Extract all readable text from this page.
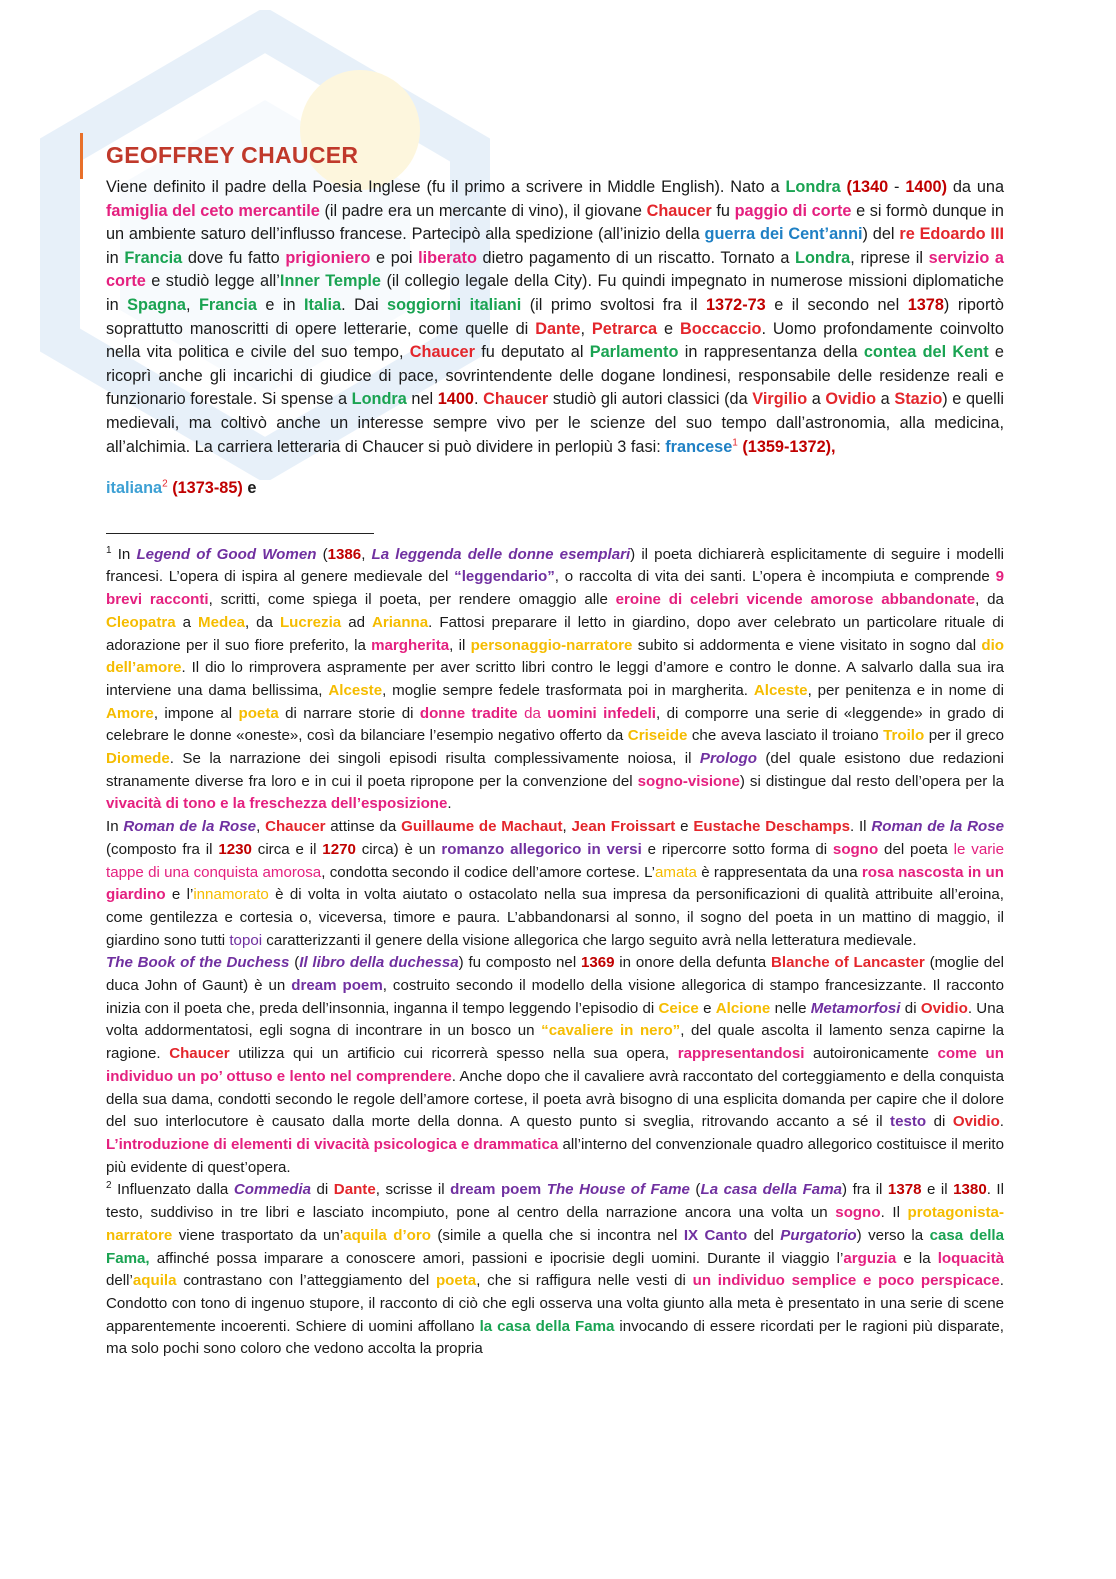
GEOFFREY CHAUCER

Viene definito il padre della Poesia Inglese (fu il primo a scrivere in Middle English). Nato a Londra (1340 - 1400) da una famiglia del ceto mercantile (il padre era un mercante di vino), il giovane Chaucer fu paggio di corte e si formò dunque in un ambiente saturo dell’influsso francese. Partecipò alla spedizione (all’inizio della guerra dei Cent’anni) del re Edoardo III in Francia dove fu fatto prigioniero e poi liberato dietro pagamento di un riscatto. Tornato a Londra, riprese il servizio a corte e studiò legge all’Inner Temple (il collegio legale della City). Fu quindi impegnato in numerose missioni diplomatiche in Spagna, Francia e in Italia. Dai soggiorni italiani (il primo svoltosi fra il 1372-73 e il secondo nel 1378) riportò soprattutto manoscritti di opere letterarie, come quelle di Dante, Petrarca e Boccaccio. Uomo profondamente coinvolto nella vita politica e civile del suo tempo, Chaucer fu deputato al Parlamento in rappresentanza della contea del Kent e ricoprì anche gli incarichi di giudice di pace, sovrintendente delle dogane londinesi, responsabile delle residenze reali e funzionario forestale. Si spense a Londra nel 1400. Chaucer studiò gli autori classici (da Virgilio a Ovidio a Stazio) e quelli medievali, ma coltivò anche un interesse sempre vivo per le scienze del suo tempo dall’astronomia, alla medicina, all’alchimia. La carriera letteraria di Chaucer si può dividere in perlopiù 3 fasi: francese$^1$ (1359-1372),

italiana$^2$ (1373-85) e

$^1$ In Legend of Good Women (1386, La leggenda delle donne esemplari) il poeta dichiarerà esplicitamente di seguire i modelli francesi. L’opera di ispira al genere medievale del “leggendario”, o raccolta di vita dei santi. L’opera è incompiuta e comprende 9 brevi racconti, scritti, come spiega il poeta, per rendere omaggio alle eroine di celebri vicende amorose abbandonate, da Cleopatra a Medea, da Lucrezia ad Arianna. Fattosi preparare il letto in giardino, dopo aver celebrato un particolare rituale di adorazione per il suo fiore preferito, la margherita, il personaggio-narratore subito si addormenta e viene visitato in sogno dal dio dell’amore. Il dio lo rimprovera aspramente per aver scritto libri contro le leggi d’amore e contro le donne. A salvarlo dalla sua ira interviene una dama bellissima, Alceste, moglie sempre fedele trasformata poi in margherita. Alceste, per penitenza e in nome di Amore, impone al poeta di narrare storie di donne tradite da uomini infedeli, di comporre una serie di «leggende» in grado di celebrare le donne «oneste», così da bilanciare l’esempio negativo offerto da Criseide che aveva lasciato il troiano Troilo per il greco Diomede. Se la narrazione dei singoli episodi risulta complessivamente noiosa, il Prologo (del quale esistono due redazioni stranamente diverse fra loro e in cui il poeta ripropone per la convenzione del sogno-visione) si distingue dal resto dell’opera per la vivacità di tono e la freschezza dell’esposizione.

In Roman de la Rose, Chaucer attinse da Guillaume de Machaut, Jean Froissart e Eustache Deschamps. Il Roman de la Rose (composto fra il 1230 circa e il 1270 circa) è un romanzo allegorico in versi e ripercorre sotto forma di sogno del poeta le varie tappe di una conquista amorosa, condotta secondo il codice dell’amore cortese. L’amata è rappresentata da una rosa nascosta in un giardino e l’innamorato è di volta in volta aiutato o ostacolato nella sua impresa da personificazioni di qualità attribuite all’eroina, come gentilezza e cortesia o, viceversa, timore e paura. L’abbandonarsi al sonno, il sogno del poeta in un mattino di maggio, il giardino sono tutti topoi caratterizzanti il genere della visione allegorica che largo seguito avrà nella letteratura medievale.

The Book of the Duchess (Il libro della duchessa) fu composto nel 1369 in onore della defunta Blanche of Lancaster (moglie del duca John of Gaunt) è un dream poem, costruito secondo il modello della visione allegorica di stampo francesizzante. Il racconto inizia con il poeta che, preda dell’insonnia, inganna il tempo leggendo l’episodio di Ceice e Alcione nelle Metamorfosi di Ovidio. Una volta addormentatosi, egli sogna di incontrare in un bosco un “cavaliere in nero”, del quale ascolta il lamento senza capirne la ragione. Chaucer utilizza qui un artificio cui ricorrerà spesso nella sua opera, rappresentandosi autoironicamente come un individuo un po’ ottuso e lento nel comprendere. Anche dopo che il cavaliere avrà raccontato del corteggiamento e della conquista della sua dama, condotti secondo le regole dell’amore cortese, il poeta avrà bisogno di una esplicita domanda per capire che il dolore del suo interlocutore è causato dalla morte della donna. A questo punto si sveglia, ritrovando accanto a sé il testo di Ovidio. L’introduzione di elementi di vivacità psicologica e drammatica all’interno del convenzionale quadro allegorico costituisce il merito più evidente di quest’opera.

$^2$ Influenzato dalla Commedia di Dante, scrisse il dream poem The House of Fame (La casa della Fama) fra il 1378 e il 1380. Il testo, suddiviso in tre libri e lasciato incompiuto, pone al centro della narrazione ancora una volta un sogno. Il protagonista-narratore viene trasportato da un’aquila d’oro (simile a quella che si incontra nel IX Canto del Purgatorio) verso la casa della Fama, affinché possa imparare a conoscere amori, passioni e ipocrisie degli uomini. Durante il viaggio l’arguzia e la loquacità dell’aquila contrastano con l’atteggiamento del poeta, che si raffigura nelle vesti di un individuo semplice e poco perspicace. Condotto con tono di ingenuo stupore, il racconto di ciò che egli osserva una volta giunto alla meta è presentato in una serie di scene apparentemente incoerenti. Schiere di uomini affollano la casa della Fama invocando di essere ricordati per le ragioni più disparate, ma solo pochi sono coloro che vedono accolta la propria
